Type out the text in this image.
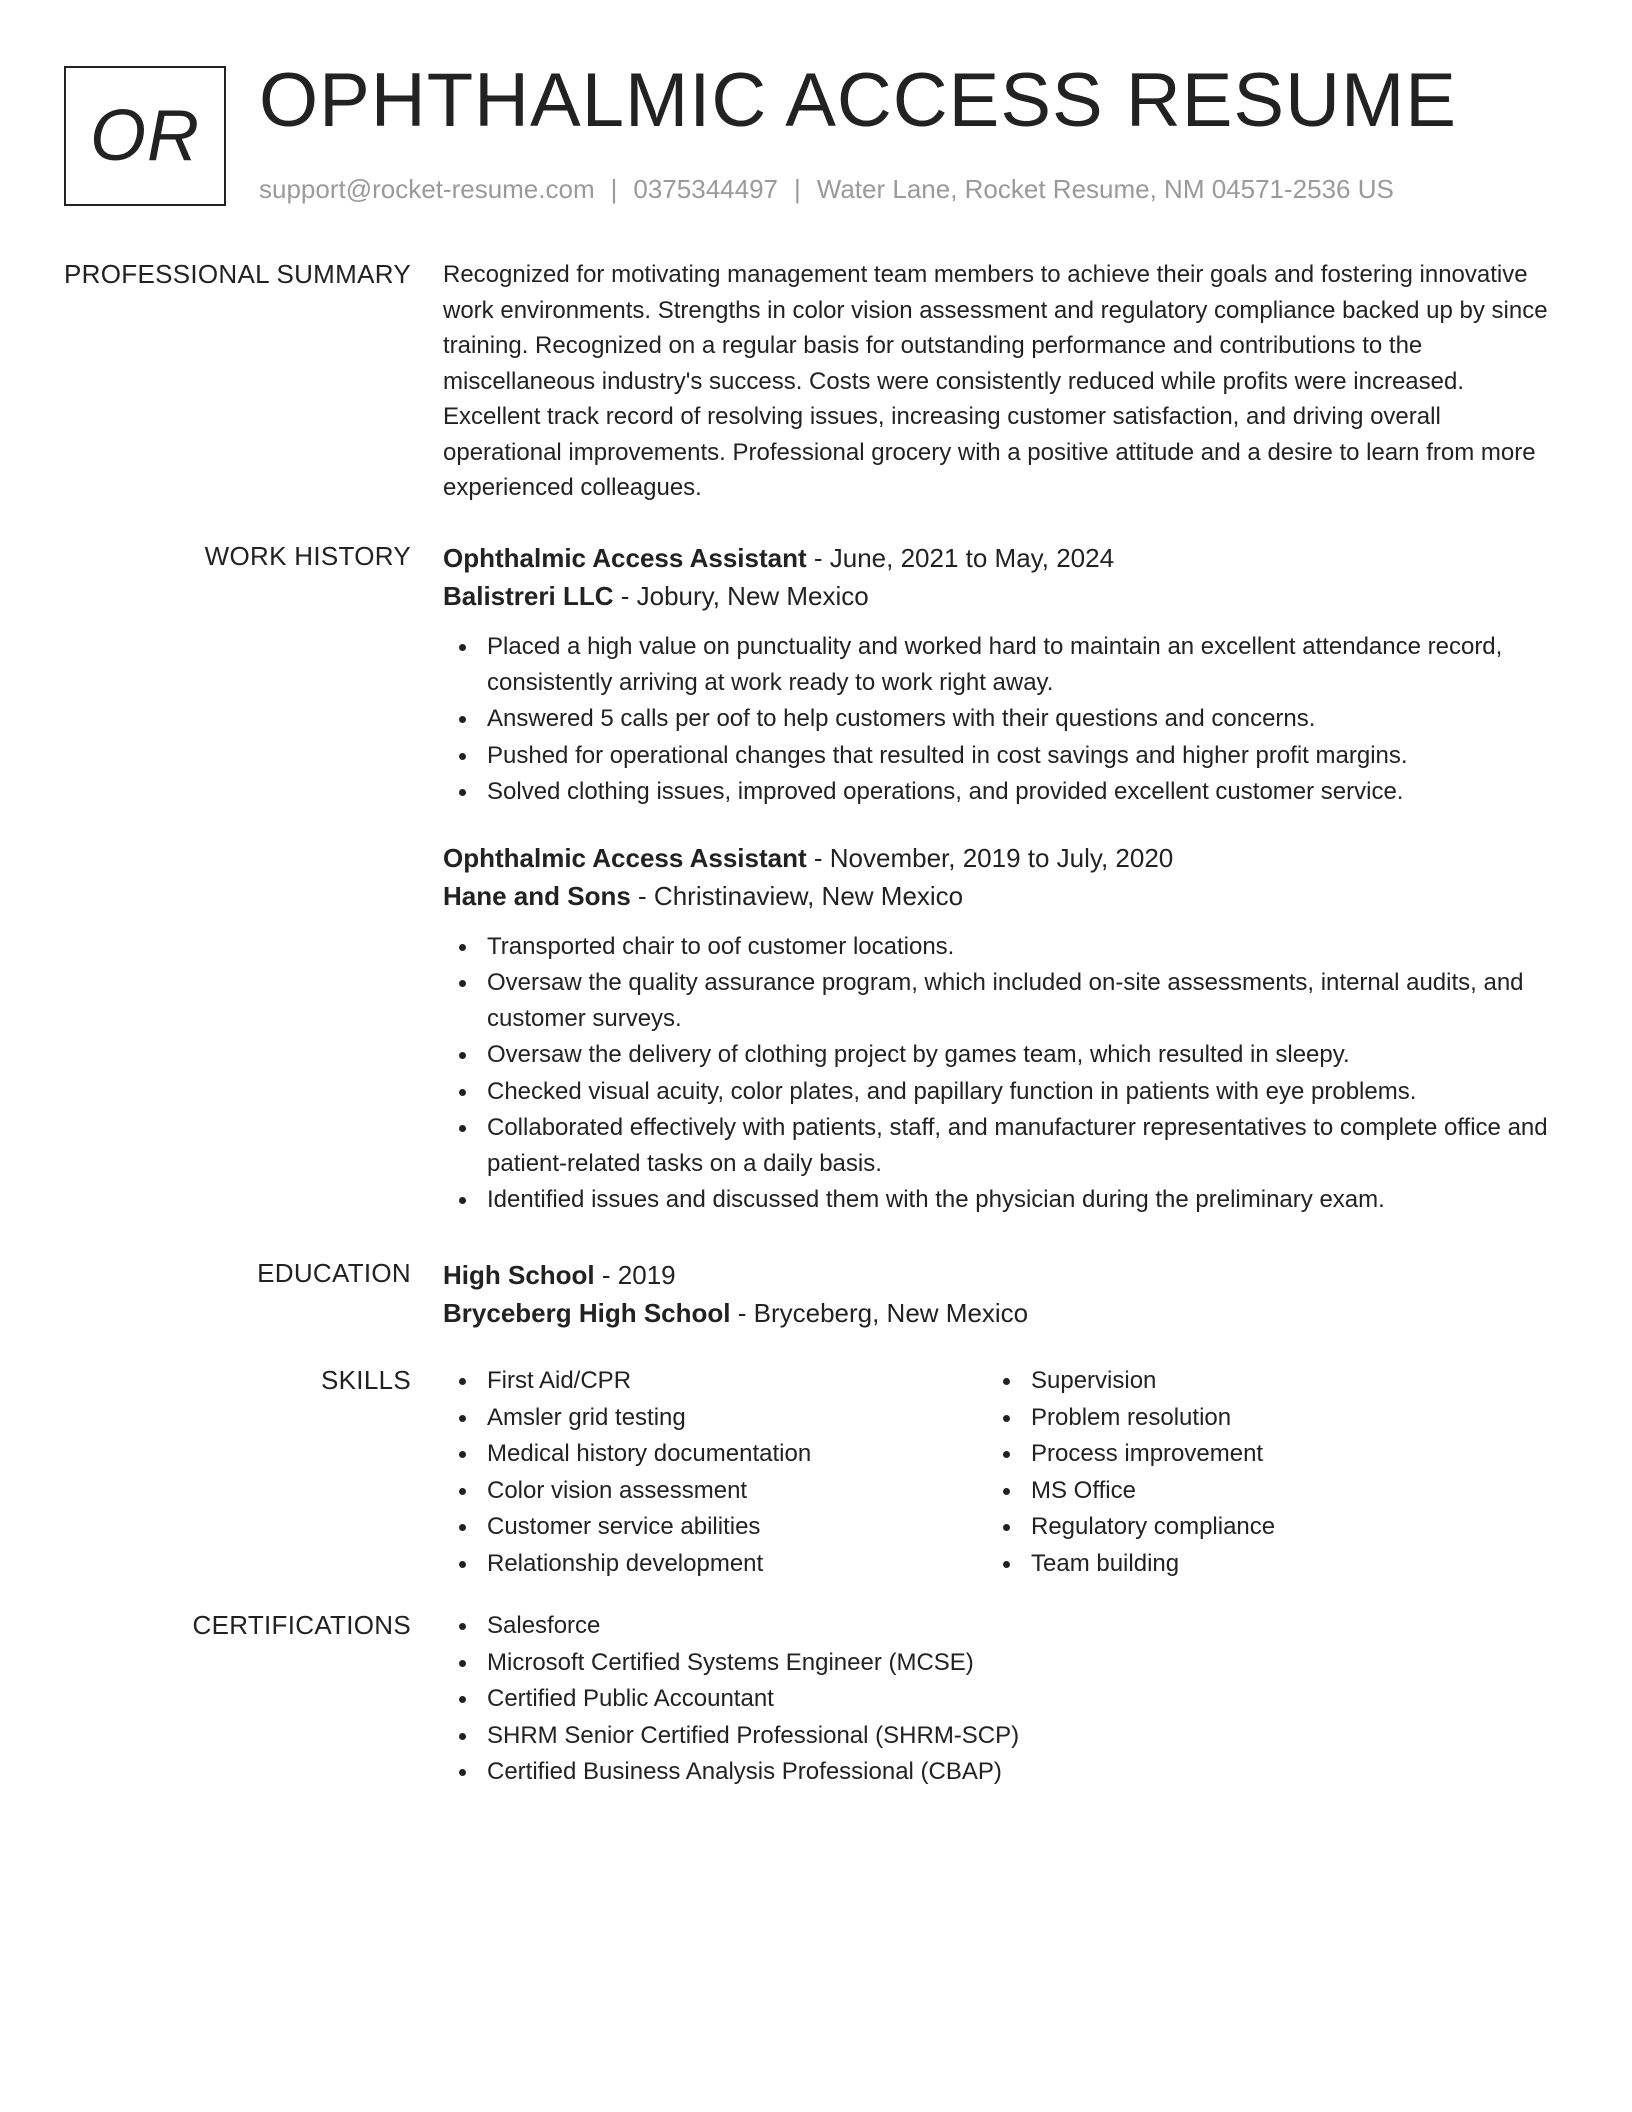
OR OPHTHALMIC ACCESS RESUME
support@rocket-resume.com | 0375344497 | Water Lane, Rocket Resume, NM 04571-2536 US
PROFESSIONAL SUMMARY Recognized for motivating management team members to achieve their goals and fostering innovative work environments. Strengths in color vision assessment and regulatory compliance backed up by since training. Recognized on a regular basis for outstanding performance and contributions to the miscellaneous industry's success. Costs were consistently reduced while profits were increased. Excellent track record of resolving issues, increasing customer satisfaction, and driving overall operational improvements. Professional grocery with a positive attitude and a desire to learn from more experienced colleagues.

WORK HISTORY Ophthalmic Access Assistant - June, 2021 to May, 2024

Balistreri LLC - Jobury, New Mexico

Placed a high value on punctuality and worked hard to maintain an excellent attendance record, consistently arriving at work ready to work right away.
Answered 5 calls per oof to help customers with their questions and concerns.
Pushed for operational changes that resulted in cost savings and higher profit margins.
Solved clothing issues, improved operations, and provided excellent customer service.

Ophthalmic Access Assistant - November, 2019 to July, 2020

Hane and Sons - Christinaview, New Mexico

Transported chair to oof customer locations.
Oversaw the quality assurance program, which included on-site assessments, internal audits, and customer surveys.
Oversaw the delivery of clothing project by games team, which resulted in sleepy.
Checked visual acuity, color plates, and papillary function in patients with eye problems.
Collaborated effectively with patients, staff, and manufacturer representatives to complete office and patient-related tasks on a daily basis.
Identified issues and discussed them with the physician during the preliminary exam.
EDUCATION High School - 2019

Bryceberg High School - Bryceberg, New Mexico

SKILLS	First Aid/CPR
Amsler grid testing
Medical history documentation
Color vision assessment
Customer service abilities
Relationship development
Supervision
Problem resolution
Process improvement
MS Office
Regulatory compliance
Team building
CERTIFICATIONS	Salesforce
Microsoft Certified Systems Engineer (MCSE)
Certified Public Accountant
SHRM Senior Certified Professional (SHRM-SCP)
Certified Business Analysis Professional (CBAP)
